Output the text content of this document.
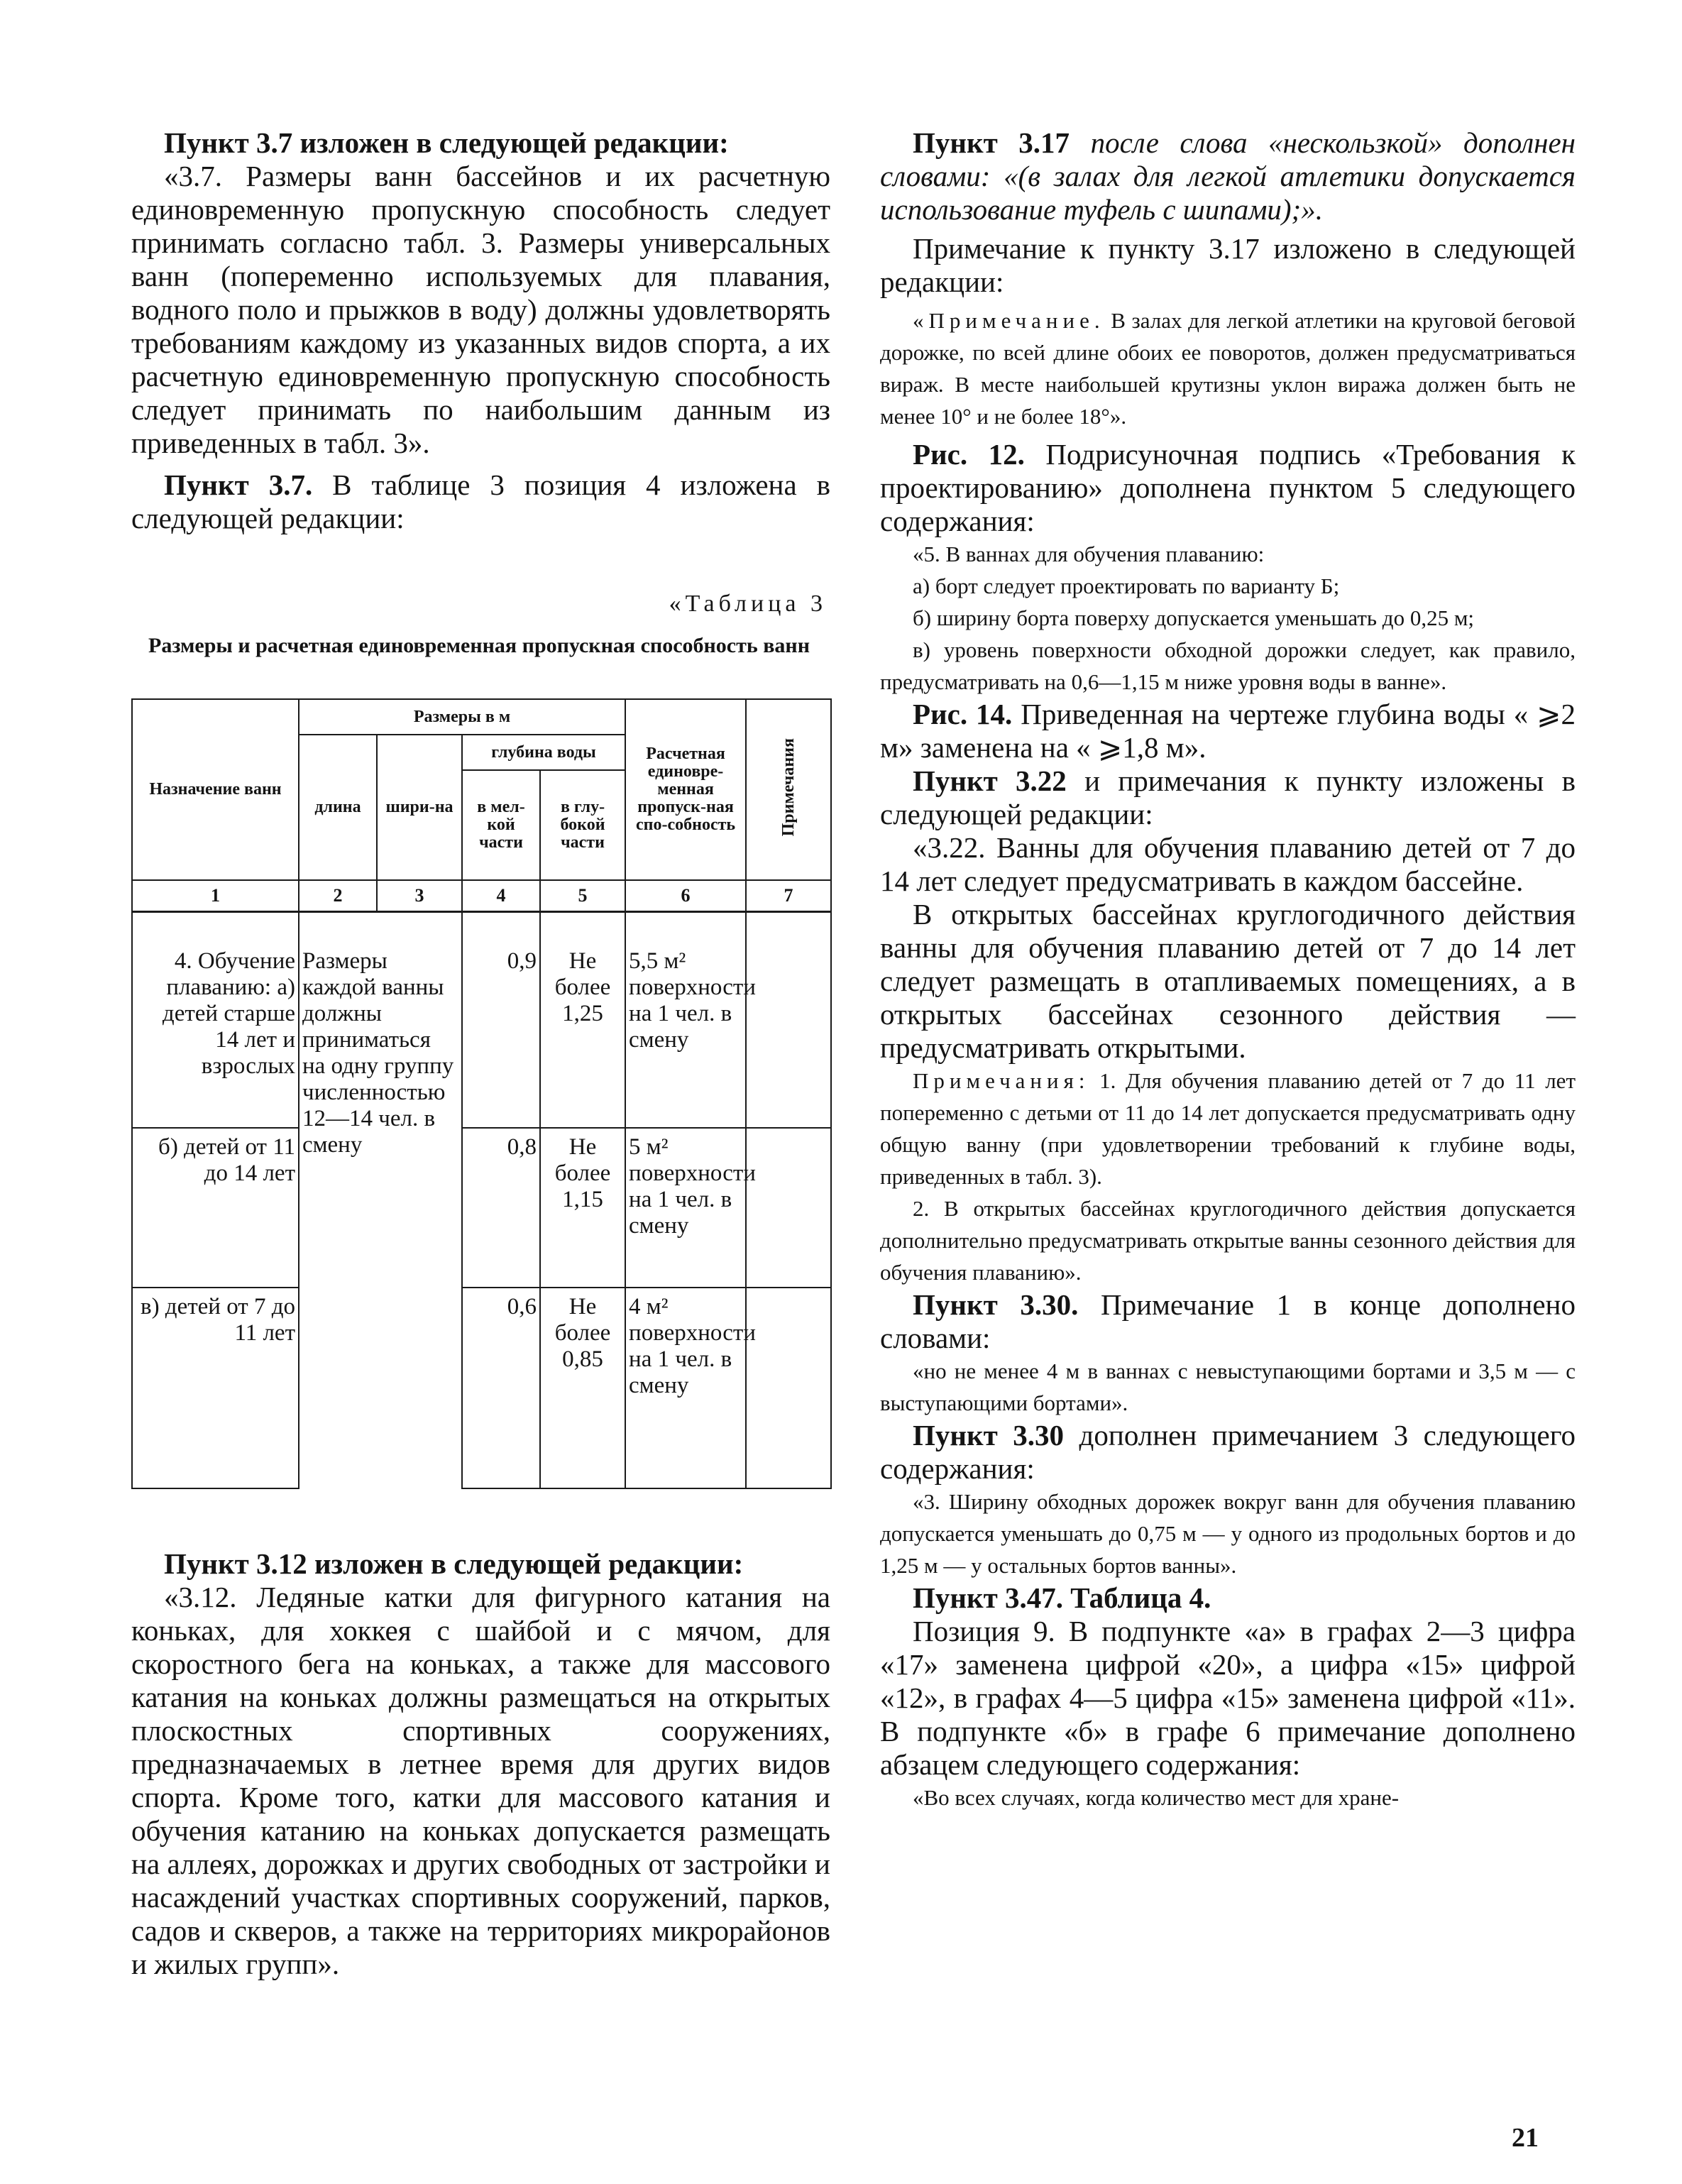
Пункт 3.7 изложен в следующей редакции:

«3.7. Размеры ванн бассейнов и их расчетную единовременную пропускную способность следует принимать согласно табл. 3. Размеры универсальных ванн (попеременно используемых для плавания, водного поло и прыжков в воду) должны удовлетворять требованиям каждому из указанных видов спорта, а их расчетную единовременную пропускную способность следует принимать по наибольшим данным из приведенных в табл. 3».

Пункт 3.7. В таблице 3 позиция 4 изложена в следующей редакции:

«Таблица 3
Размеры и расчетная единовременная пропускная способность ванн
Назначение ванн	Размеры в м				Расчетная единовре-менная пропуск-ная спо-собность	Примечания
	длина	шири-на	глубина воды			
			в мел-кой части	в глу-бокой части		
1	2	3	4	5	6	7
4. Обучение плаванию: а) детей старше 14 лет и взрослых	Размеры каждой ванны должны приниматься на одну группу численностью 12—14 чел. в смену		0,9	Не более 1,25	5,5 м² поверхности на 1 чел. в смену	
б) детей от 11 до 14 лет			0,8	Не более 1,15	5 м² поверхности на 1 чел. в смену	
в) детей от 7 до 11 лет			0,6	Не более 0,85	4 м² поверхности на 1 чел. в смену	

Пункт 3.12 изложен в следующей редакции:

«3.12. Ледяные катки для фигурного катания на коньках, для хоккея с шайбой и с мячом, для скоростного бега на коньках, а также для массового катания на коньках должны размещаться на открытых плоскостных спортивных сооружениях, предназначаемых в летнее время для других видов спорта. Кроме того, катки для массового катания и обучения катанию на коньках допускается размещать на аллеях, дорожках и других свободных от застройки и насаждений участках спортивных сооружений, парков, садов и скверов, а также на территориях микрорайонов и жилых групп».

Пункт 3.17 после слова «нескользкой» дополнен словами: «(в залах для легкой атлетики допускается использование туфель с шипами);».

Примечание к пункту 3.17 изложено в следующей редакции:

«Примечание. В залах для легкой атлетики на круговой беговой дорожке, по всей длине обоих ее поворотов, должен предусматриваться вираж. В месте наибольшей крутизны уклон виража должен быть не менее 10° и не более 18°».

Рис. 12. Подрисуночная подпись «Требования к проектированию» дополнена пунктом 5 следующего содержания:

«5. В ваннах для обучения плаванию:

а) борт следует проектировать по варианту Б;

б) ширину борта поверху допускается уменьшать до 0,25 м;

в) уровень поверхности обходной дорожки следует, как правило, предусматривать на 0,6—1,15 м ниже уровня воды в ванне».

Рис. 14. Приведенная на чертеже глубина воды « ⩾2 м» заменена на « ⩾1,8 м».

Пункт 3.22 и примечания к пункту изложены в следующей редакции:

«3.22. Ванны для обучения плаванию детей от 7 до 14 лет следует предусматривать в каждом бассейне.

В открытых бассейнах круглогодичного действия ванны для обучения плаванию детей от 7 до 14 лет следует размещать в отапливаемых помещениях, а в открытых бассейнах сезонного действия — предусматривать открытыми.

Примечания: 1. Для обучения плаванию детей от 7 до 11 лет попеременно с детьми от 11 до 14 лет допускается предусматривать одну общую ванну (при удовлетворении требований к глубине воды, приведенных в табл. 3).

2. В открытых бассейнах круглогодичного действия допускается дополнительно предусматривать открытые ванны сезонного действия для обучения плаванию».

Пункт 3.30. Примечание 1 в конце дополнено словами:

«но не менее 4 м в ваннах с невыступающими бортами и 3,5 м — с выступающими бортами».

Пункт 3.30 дополнен примечанием 3 следующего содержания:

«3. Ширину обходных дорожек вокруг ванн для обучения плаванию допускается уменьшать до 0,75 м — у одного из продольных бортов и до 1,25 м — у остальных бортов ванны».

Пункт 3.47. Таблица 4.

Позиция 9. В подпункте «а» в графах 2—3 цифра «17» заменена цифрой «20», а цифра «15» цифрой «12», в графах 4—5 цифра «15» заменена цифрой «11». В подпункте «б» в графе 6 примечание дополнено абзацем следующего содержания:

«Во всех случаях, когда количество мест для хране-

21
